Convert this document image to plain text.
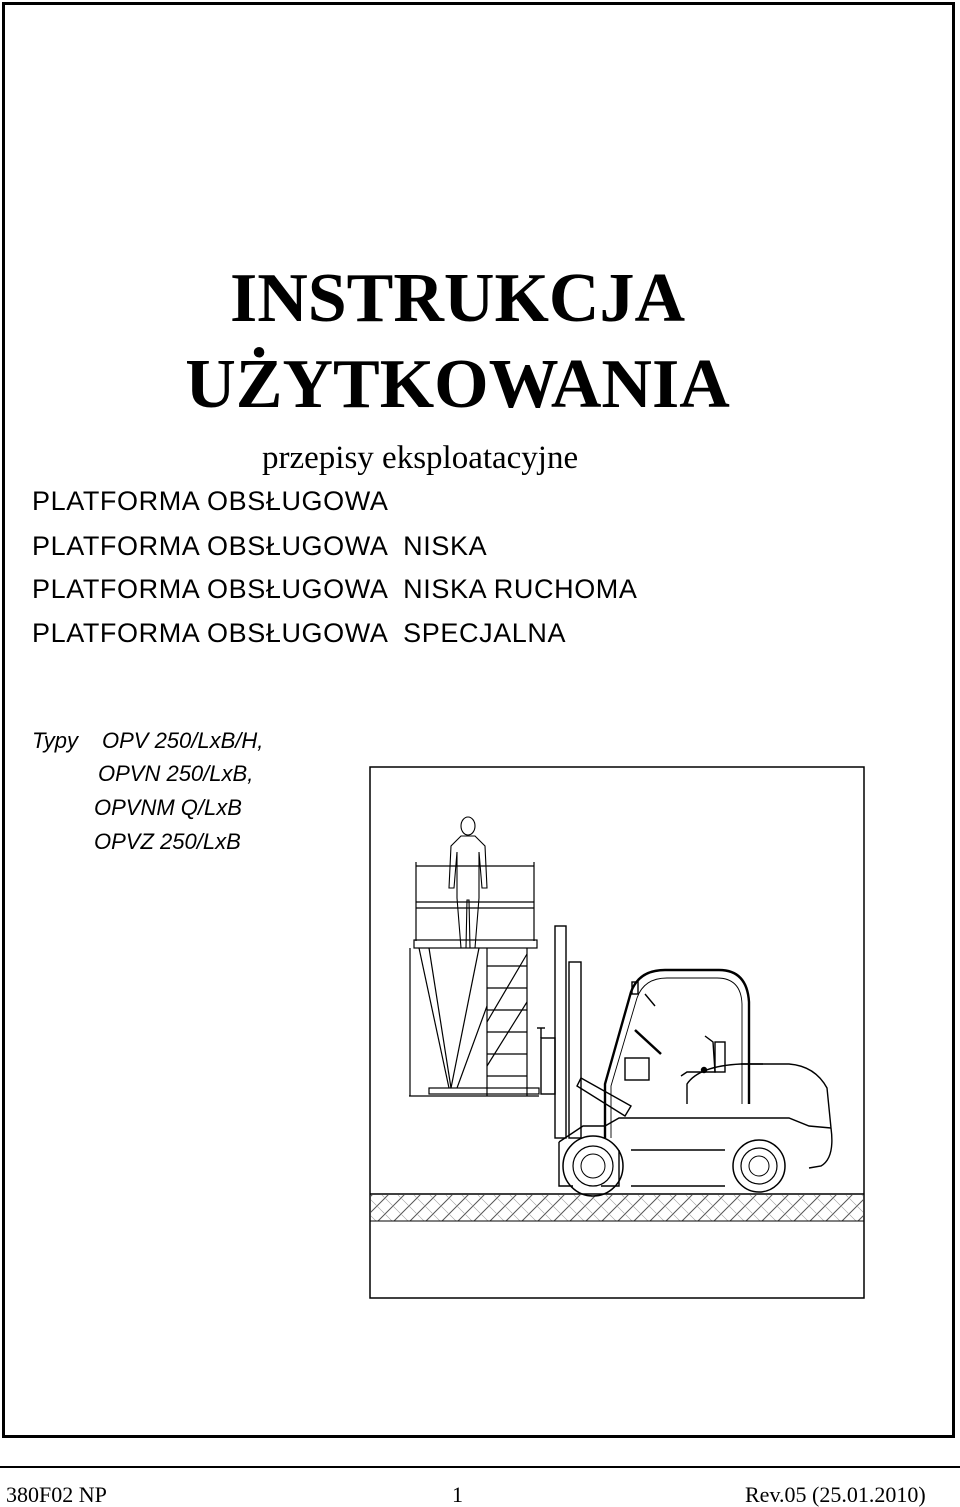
INSTRUKCJA
UŻYTKOWANIA
przepisy eksploatacyjne
PLATFORMA OBSŁUGOWA
PLATFORMA OBSŁUGOWA  NISKA
PLATFORMA OBSŁUGOWA  NISKA RUCHOMA
PLATFORMA OBSŁUGOWA  SPECJALNA
Typy OPV 250/LxB/H,
OPVN 250/LxB,
OPVNM Q/LxB
OPVZ 250/LxB
380F02 NP	1	Rev.05 (25.01.2010)
